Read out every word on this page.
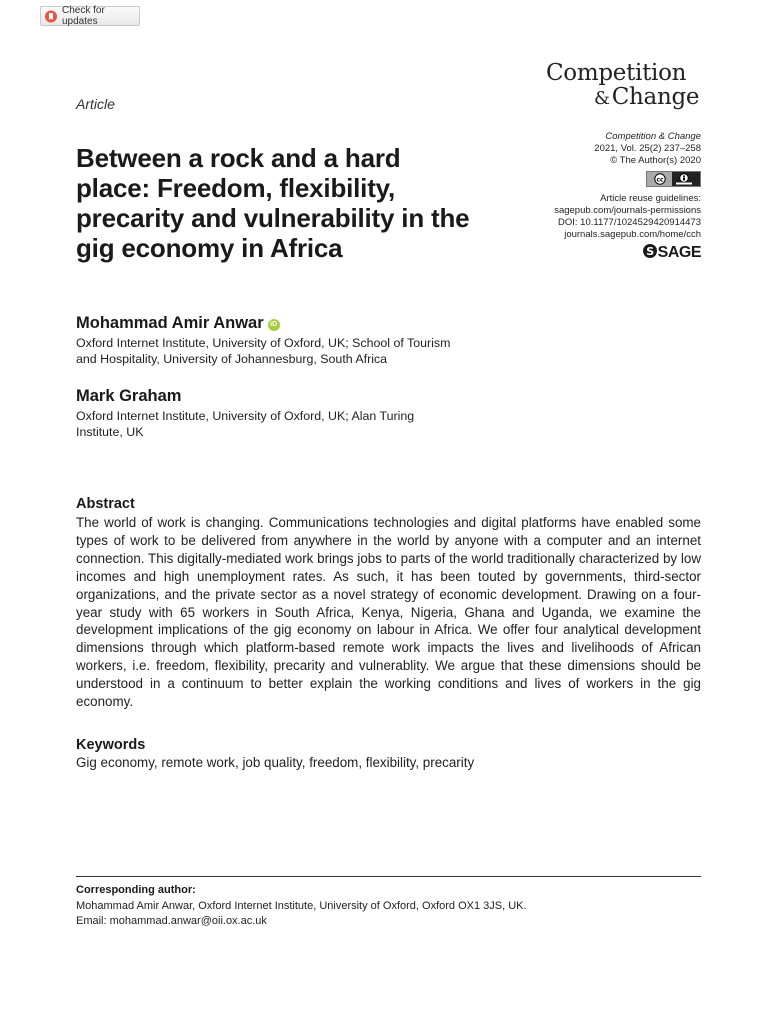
Check for updates
Competition
&Change
Article
Between a rock and a hard place: Freedom, flexibility, precarity and vulnerability in the gig economy in Africa
Competition & Change
2021, Vol. 25(2) 237–258
© The Author(s) 2020
cc
Article reuse guidelines:
sagepub.com/journals-permissions
DOI: 10.1177/1024529420914473
journals.sagepub.com/home/cch
S SAGE
Mohammad Amir Anwar iD
Oxford Internet Institute, University of Oxford, UK; School of Tourism
and Hospitality, University of Johannesburg, South Africa
Mark Graham
Oxford Internet Institute, University of Oxford, UK; Alan Turing
Institute, UK
Abstract

The world of work is changing. Communications technologies and digital platforms have enabled some types of work to be delivered from anywhere in the world by anyone with a computer and an internet connection. This digitally-mediated work brings jobs to parts of the world traditionally characterized by low incomes and high unemployment rates. As such, it has been touted by governments, third-sector organizations, and the private sector as a novel strategy of economic development. Drawing on a four-year study with 65 workers in South Africa, Kenya, Nigeria, Ghana and Uganda, we examine the development implications of the gig economy on labour in Africa. We offer four analytical development dimensions through which platform-based remote work impacts the lives and livelihoods of African workers, i.e. freedom, flexibility, precarity and vulnerablity. We argue that these dimensions should be understood in a continuum to better explain the working conditions and lives of workers in the gig economy.

Keywords
Gig economy, remote work, job quality, freedom, flexibility, precarity
Corresponding author:
Mohammad Amir Anwar, Oxford Internet Institute, University of Oxford, Oxford OX1 3JS, UK.
Email: mohammad.anwar@oii.ox.ac.uk
